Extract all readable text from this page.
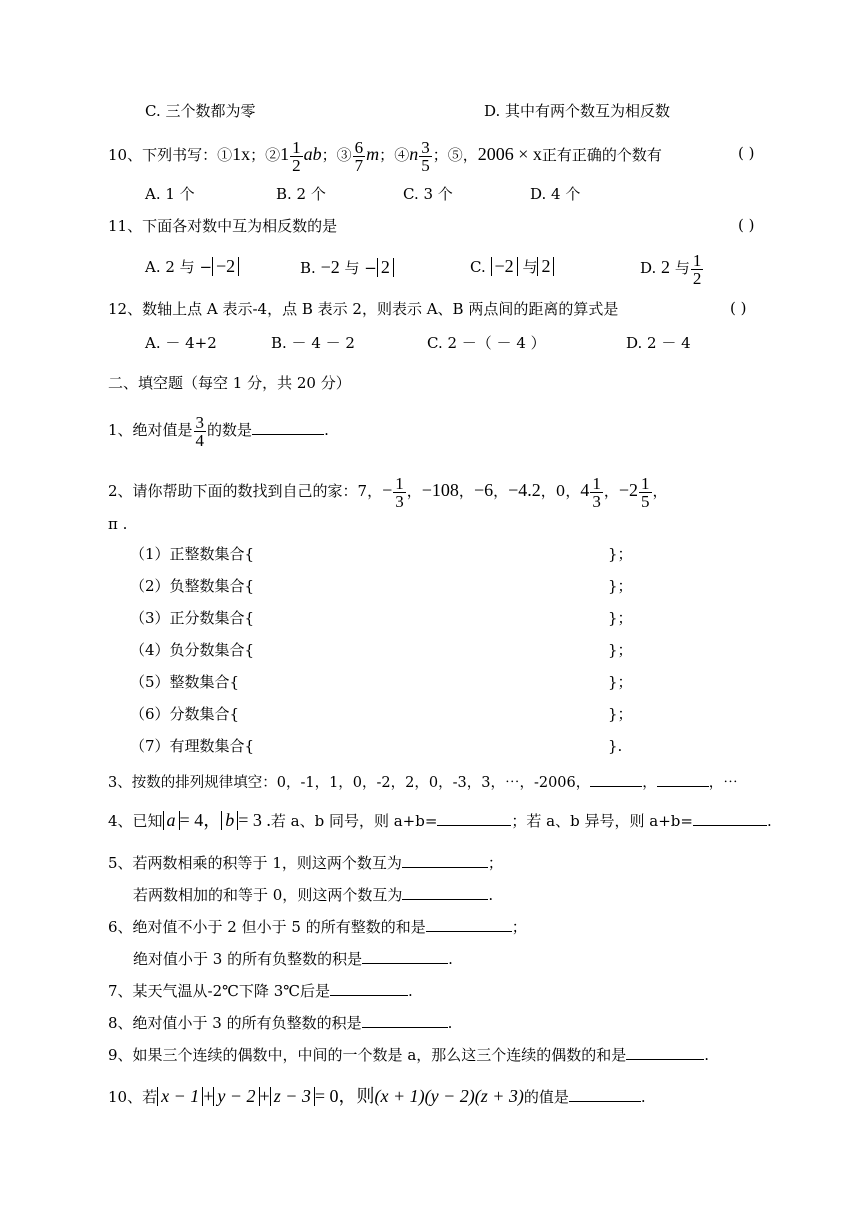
C. 三个数都为零	D. 其中有两个数互为相反数
10、下列书写：①1x；②1 $\frac{1}{2}$ ab；③ $\frac{6}{7}$ m；④n $\frac{3}{5}$ ；⑤，2006 × x正有正确的个数有	( )
A. 1 个	B. 2 个	C. 3 个	D. 4 个
11、下面各对数中互为相反数的是	( )
A. 2 与 − −2	B. −2 与 − 2	C. −2 与 2	D. 2 与 $\frac{1}{2}$
12、数轴上点 A 表示-4，点 B 表示 2，则表示 A、B 两点间的距离的算式是	( )
A. － 4+2	B. － 4 － 2	C. 2 －（ － 4 ）	D. 2 － 4
二、填空题（每空 1 分，共 20 分）
1、绝对值是 $\frac{3}{4}$ 的数是	.
2、请你帮助下面的数找到自己的家：7，− $\frac{1}{3}$ ，−108，−6，−4.2，0，$4 \frac{1}{3}$ ，$-2 \frac{1}{5}$ ，
π .
（1）正整数集合{	}；
（2）负整数集合{	}；
（3）正分数集合{	}；
（4）负分数集合{	}；
（5）整数集合{	}；
（6）分数集合{	}；
（7）有理数集合{	}.
3、按数的排列规律填空：0，-1，1，0，-2，2，0，-3，3，⋯，-2006，	，	，⋯
4、已知 a = 4， b = 3 .若 a、b 同号，则 a+b=	；若 a、b 异号，则 a+b=	.
5、若两数相乘的积等于 1，则这两个数互为	；
若两数相加的和等于 0，则这两个数互为	.
6、绝对值不小于 2 但小于 5 的所有整数的和是	；
绝对值小于 3 的所有负整数的积是	.
7、某天气温从-2℃下降 3℃后是	.
8、绝对值小于 3 的所有负整数的积是	.
9、如果三个连续的偶数中，中间的一个数是 a，那么这三个连续的偶数的和是	.
10、若 x − 1 + y − 2 + z − 3 = 0，则(x + 1)(y − 2)(z + 3)的值是	.
